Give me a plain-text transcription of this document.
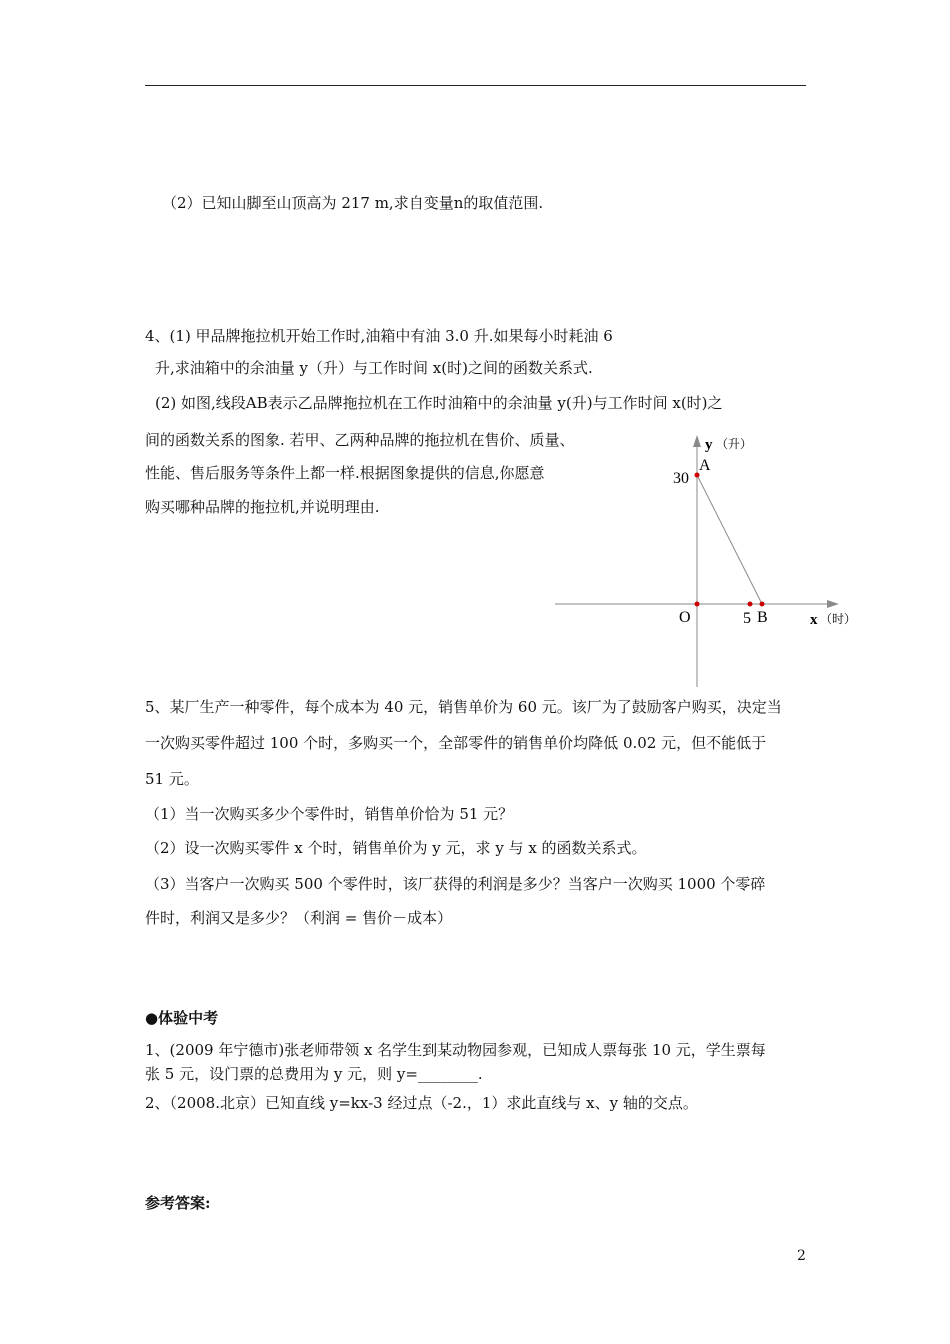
（2）已知山脚至山顶高为 217 m,求自变量n的取值范围.
4、(1) 甲品牌拖拉机开始工作时,油箱中有油 3.0 升.如果每小时耗油 6
升,求油箱中的余油量 y（升）与工作时间 x(时)之间的函数关系式.
(2) 如图,线段AB表示乙品牌拖拉机在工作时油箱中的余油量 y(升)与工作时间 x(时)之
间的函数关系的图象. 若甲、乙两种品牌的拖拉机在售价、质量、
性能、售后服务等条件上都一样.根据图象提供的信息,你愿意
购买哪种品牌的拖拉机,并说明理由.
y （升）
A
30
O	5 B	x （时）
5、某厂生产一种零件，每个成本为 40 元，销售单价为 60 元。该厂为了鼓励客户购买，决定当
一次购买零件超过 100 个时，多购买一个，全部零件的销售单价均降低 0.02 元，但不能低于
51 元。
（1）当一次购买多少个零件时，销售单价恰为 51 元？
（2）设一次购买零件 x 个时，销售单价为 y 元，求 y 与 x 的函数关系式。
（3）当客户一次购买 500 个零件时，该厂获得的利润是多少？当客户一次购买 1000 个零碎
件时，利润又是多少？（利润 = 售价－成本）
●体验中考
1、(2009 年宁德市)张老师带领 x 名学生到某动物园参观，已知成人票每张 10 元，学生票每
张 5 元，设门票的总费用为 y 元，则 y=________.
2、（2008.北京）已知直线 y=kx-3 经过点（-2.，1）求此直线与 x、y 轴的交点。
参考答案:
2
